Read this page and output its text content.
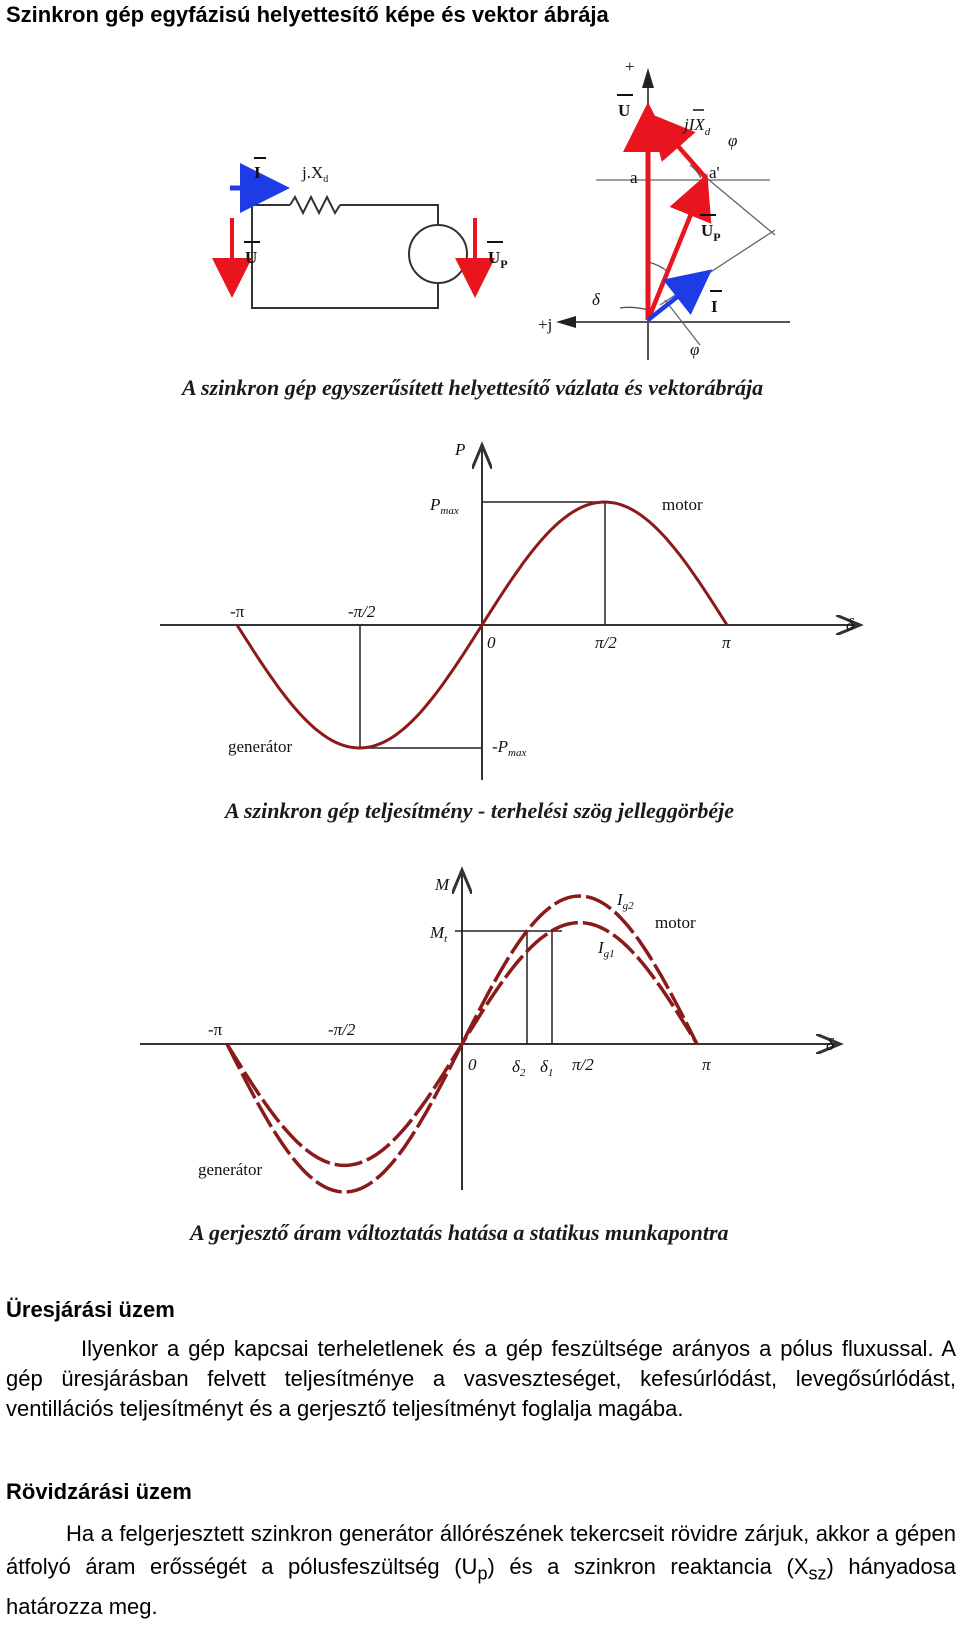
Szinkron gép egyfázisú helyettesítő képe és vektor ábrája
I $j.X_d$
U	$U_P$
+
+j
U
jIX$_d$ φ
a	a'
$U_P$
δ	I
φ
A szinkron gép egyszerűsített helyettesítő vázlata és vektorábrája
P
$P_{max}$	motor
-π	-π/2
0	π/2	π
δ
generátor	$-P_{max}$
A szinkron gép teljesítmény - terhelési szög jelleggörbéje
M
$M_t$
$I_{g2}$
motor
$I_{g1}$
-π	-π/2
0 $\delta_2$ $\delta_1$ π/2	π
δ
generátor
A gerjesztő áram változtatás hatása a statikus munkapontra
Üresjárási üzem
Ilyenkor a gép kapcsai terheletlenek és a gép feszültsége arányos a pólus fluxussal. A gép üresjárásban felvett teljesítménye a vasveszteséget, kefesúrlódást, levegősúrlódást, ventillációs teljesítményt és a gerjesztő teljesítményt foglalja magába.
Rövidzárási üzem
Ha a felgerjesztett szinkron generátor állórészének tekercseit rövidre zárjuk, akkor a gépen átfolyó áram erősségét a pólusfeszültség $(U_p)$ és a szinkron reaktancia $(X_{sz})$ hányadosa határozza meg.
